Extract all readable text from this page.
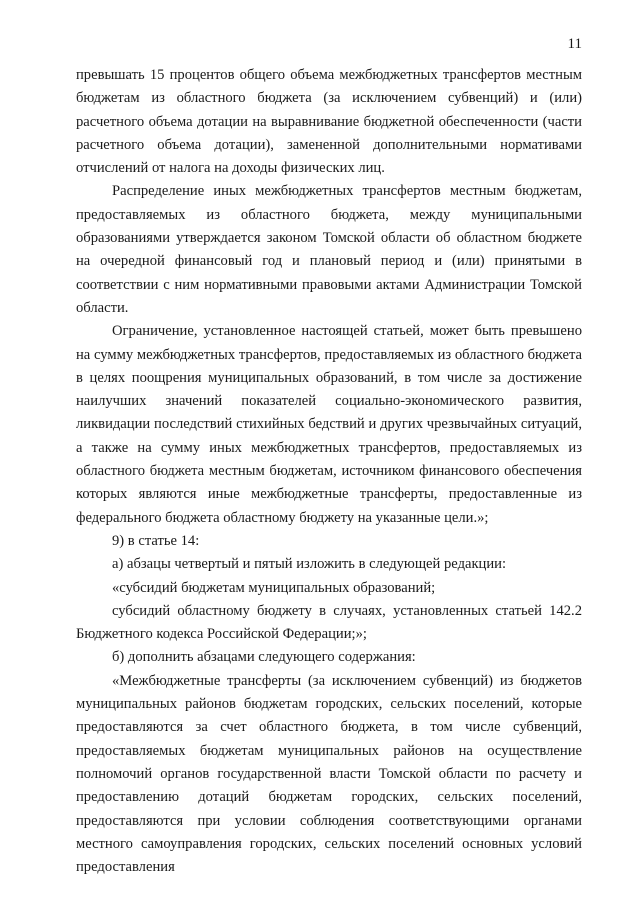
11

превышать 15 процентов общего объема межбюджетных трансфертов местным бюджетам из областного бюджета (за исключением субвенций) и (или) расчетного объема дотации на выравнивание бюджетной обеспеченности (части расчетного объема дотации), замененной дополнительными нормативами отчислений от налога на доходы физических лиц.

Распределение иных межбюджетных трансфертов местным бюджетам, предоставляемых из областного бюджета, между муниципальными образованиями утверждается законом Томской области об областном бюджете на очередной финансовый год и плановый период и (или) принятыми в соответствии с ним нормативными правовыми актами Администрации Томской области.

Ограничение, установленное настоящей статьей, может быть превышено на сумму межбюджетных трансфертов, предоставляемых из областного бюджета в целях поощрения муниципальных образований, в том числе за достижение наилучших значений показателей социально-экономического развития, ликвидации последствий стихийных бедствий и других чрезвычайных ситуаций, а также на сумму иных межбюджетных трансфертов, предоставляемых из областного бюджета местным бюджетам, источником финансового обеспечения которых являются иные межбюджетные трансферты, предоставленные из федерального бюджета областному бюджету на указанные цели.»;

9) в статье 14:

а) абзацы четвертый и пятый изложить в следующей редакции:

«субсидий бюджетам муниципальных образований;

субсидий областному бюджету в случаях, установленных статьей 142.2 Бюджетного кодекса Российской Федерации;»;

б) дополнить абзацами следующего содержания:

«Межбюджетные трансферты (за исключением субвенций) из бюджетов муниципальных районов бюджетам городских, сельских поселений, которые предоставляются за счет областного бюджета, в том числе субвенций, предоставляемых бюджетам муниципальных районов на осуществление полномочий органов государственной власти Томской области по расчету и предоставлению дотаций бюджетам городских, сельских поселений, предоставляются при условии соблюдения соответствующими органами местного самоуправления городских, сельских поселений основных условий предоставления
